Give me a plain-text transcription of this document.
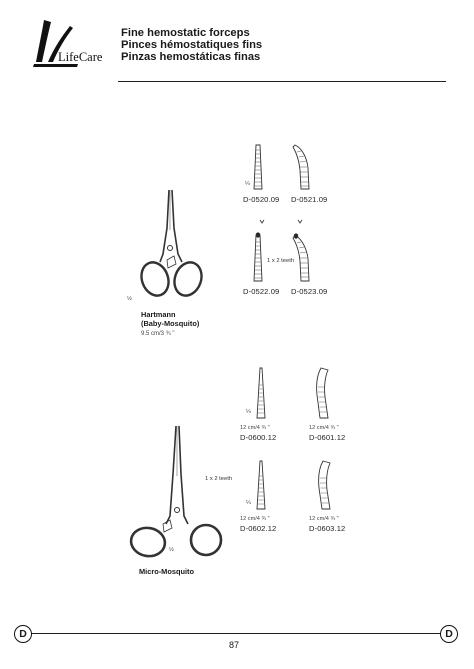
LifeCare
Fine hemostatic forceps
Pinces hémostatiques fins
Pinzas hemostáticas finas
½
Hartmann
(Baby-Mosquito)
9.5 cm/3 ¾ "
¼
D-0520.09 D-0521.09
1 x 2 teeth
D-0522.09 D-0523.09
½
Micro-Mosquito
1 x 2 teeth
¼
12 cm/4 ¾ "	12 cm/4 ¾ "
D-0600.12	D-0601.12
¼
12 cm/4 ¾ "	12 cm/4 ¾ "
D-0602.12	D-0603.12
D	D
87
